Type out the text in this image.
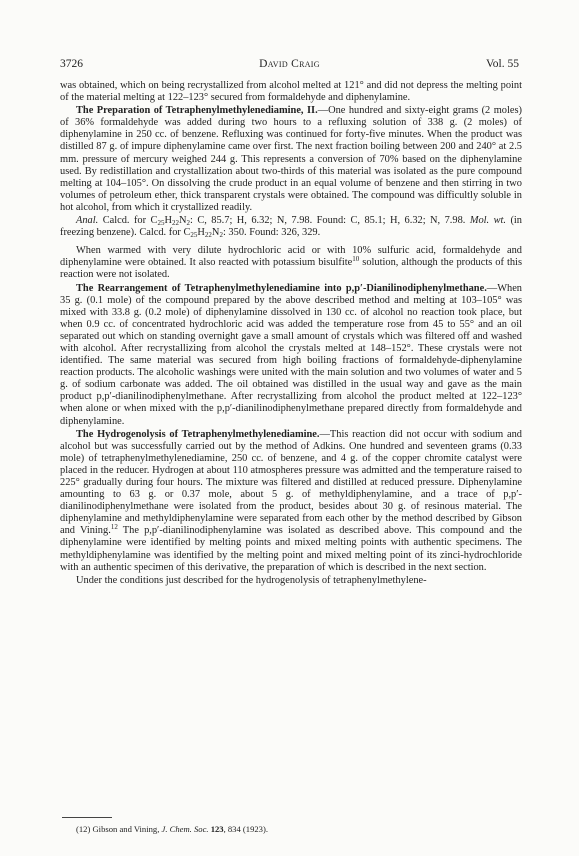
3726	David Craig	Vol. 55

was obtained, which on being recrystallized from alcohol melted at 121° and did not depress the melting point of the material melting at 122–123° secured from formaldehyde and diphenylamine.

The Preparation of Tetraphenylmethylenediamine, II.—One hundred and sixty-eight grams (2 moles) of 36% formaldehyde was added during two hours to a refluxing solution of 338 g. (2 moles) of diphenylamine in 250 cc. of benzene. Refluxing was continued for forty-five minutes. When the product was distilled 87 g. of impure diphenylamine came over first. The next fraction boiling between 200 and 240° at 2.5 mm. pressure of mercury weighed 244 g. This represents a conversion of 70% based on the diphenylamine used. By redistillation and crystallization about two-thirds of this material was isolated as the pure compound melting at 104–105°. On dissolving the crude product in an equal volume of benzene and then stirring in two volumes of petroleum ether, thick transparent crystals were obtained. The compound was difficultly soluble in hot alcohol, from which it crystallized readily.

Anal. Calcd. for $C_{25}H_{22}N_2$: C, 85.7; H, 6.32; N, 7.98. Found: C, 85.1; H, 6.32; N, 7.98. Mol. wt. (in freezing benzene). Calcd. for $C_{25}H_{22}N_2$: 350. Found: 326, 329.

When warmed with very dilute hydrochloric acid or with 10% sulfuric acid, formaldehyde and diphenylamine were obtained. It also reacted with potassium bisulfite$^{10}$ solution, although the products of this reaction were not isolated.

The Rearrangement of Tetraphenylmethylenediamine into p,p′-Dianilinodiphenylmethane.—When 35 g. (0.1 mole) of the compound prepared by the above described method and melting at 103–105° was mixed with 33.8 g. (0.2 mole) of diphenylamine dissolved in 130 cc. of alcohol no reaction took place, but when 0.9 cc. of concentrated hydrochloric acid was added the temperature rose from 45 to 55° and an oil separated out which on standing overnight gave a small amount of crystals which was filtered off and washed with alcohol. After recrystallizing from alcohol the crystals melted at 148–152°. These crystals were not identified. The same material was secured from high boiling fractions of formaldehyde-diphenylamine reaction products. The alcoholic washings were united with the main solution and two volumes of water and 5 g. of sodium carbonate was added. The oil obtained was distilled in the usual way and gave as the main product p,p′-dianilinodiphenylmethane. After recrystallizing from alcohol the product melted at 122–123° when alone or when mixed with the p,p′-dianilinodiphenylmethane prepared directly from formaldehyde and diphenylamine.

The Hydrogenolysis of Tetraphenylmethylenediamine.—This reaction did not occur with sodium and alcohol but was successfully carried out by the method of Adkins. One hundred and seventeen grams (0.33 mole) of tetraphenylmethylenediamine, 250 cc. of benzene, and 4 g. of the copper chromite catalyst were placed in the reducer. Hydrogen at about 110 atmospheres pressure was admitted and the temperature raised to 225° gradually during four hours. The mixture was filtered and distilled at reduced pressure. Diphenylamine amounting to 63 g. or 0.37 mole, about 5 g. of methyldiphenylamine, and a trace of p,p′-dianilinodiphenylmethane were isolated from the product, besides about 30 g. of resinous material. The diphenylamine and methyldiphenylamine were separated from each other by the method described by Gibson and Vining.$^{12}$ The p,p′-dianilinodiphenylamine was isolated as described above. This compound and the diphenylamine were identified by melting points and mixed melting points with authentic specimens. The methyldiphenylamine was identified by the melting point and mixed melting point of its zinci-hydrochloride with an authentic specimen of this derivative, the preparation of which is described in the next section.

Under the conditions just described for the hydrogenolysis of tetraphenylmethylene-

(12) Gibson and Vining, J. Chem. Soc. 123, 834 (1923).
